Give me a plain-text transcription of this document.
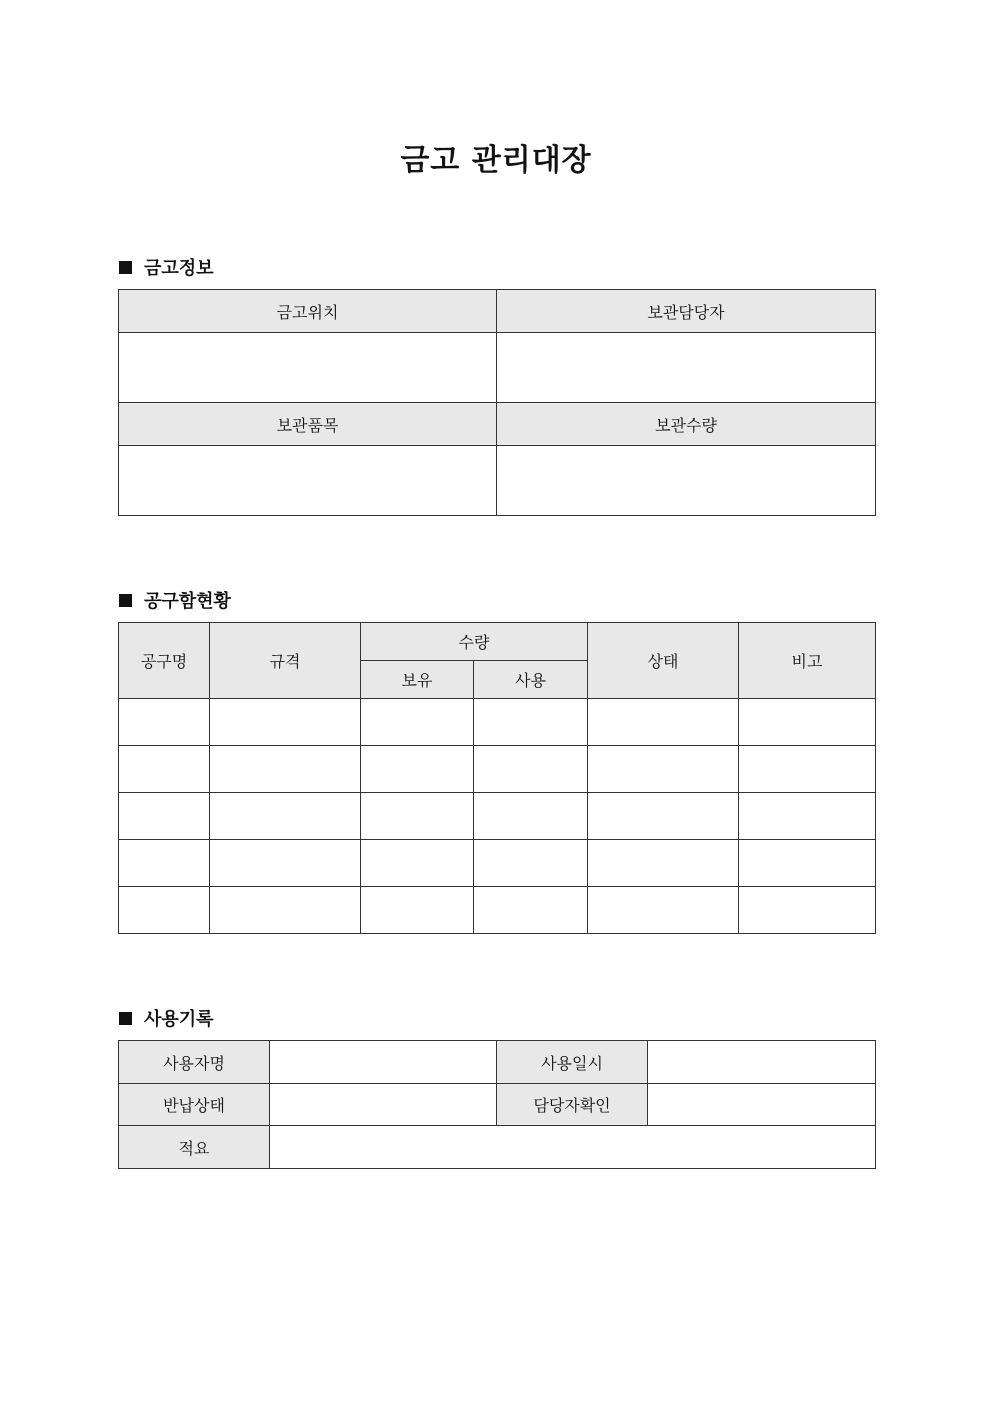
금고 관리대장
금고정보
금고위치	보관담당자

보관품목	보관수량

공구함현황
공구명	규격	수량		상태	비고
		보유	사용		

사용기록
사용자명		사용일시	
반납상태		담당자확인	
적요			
